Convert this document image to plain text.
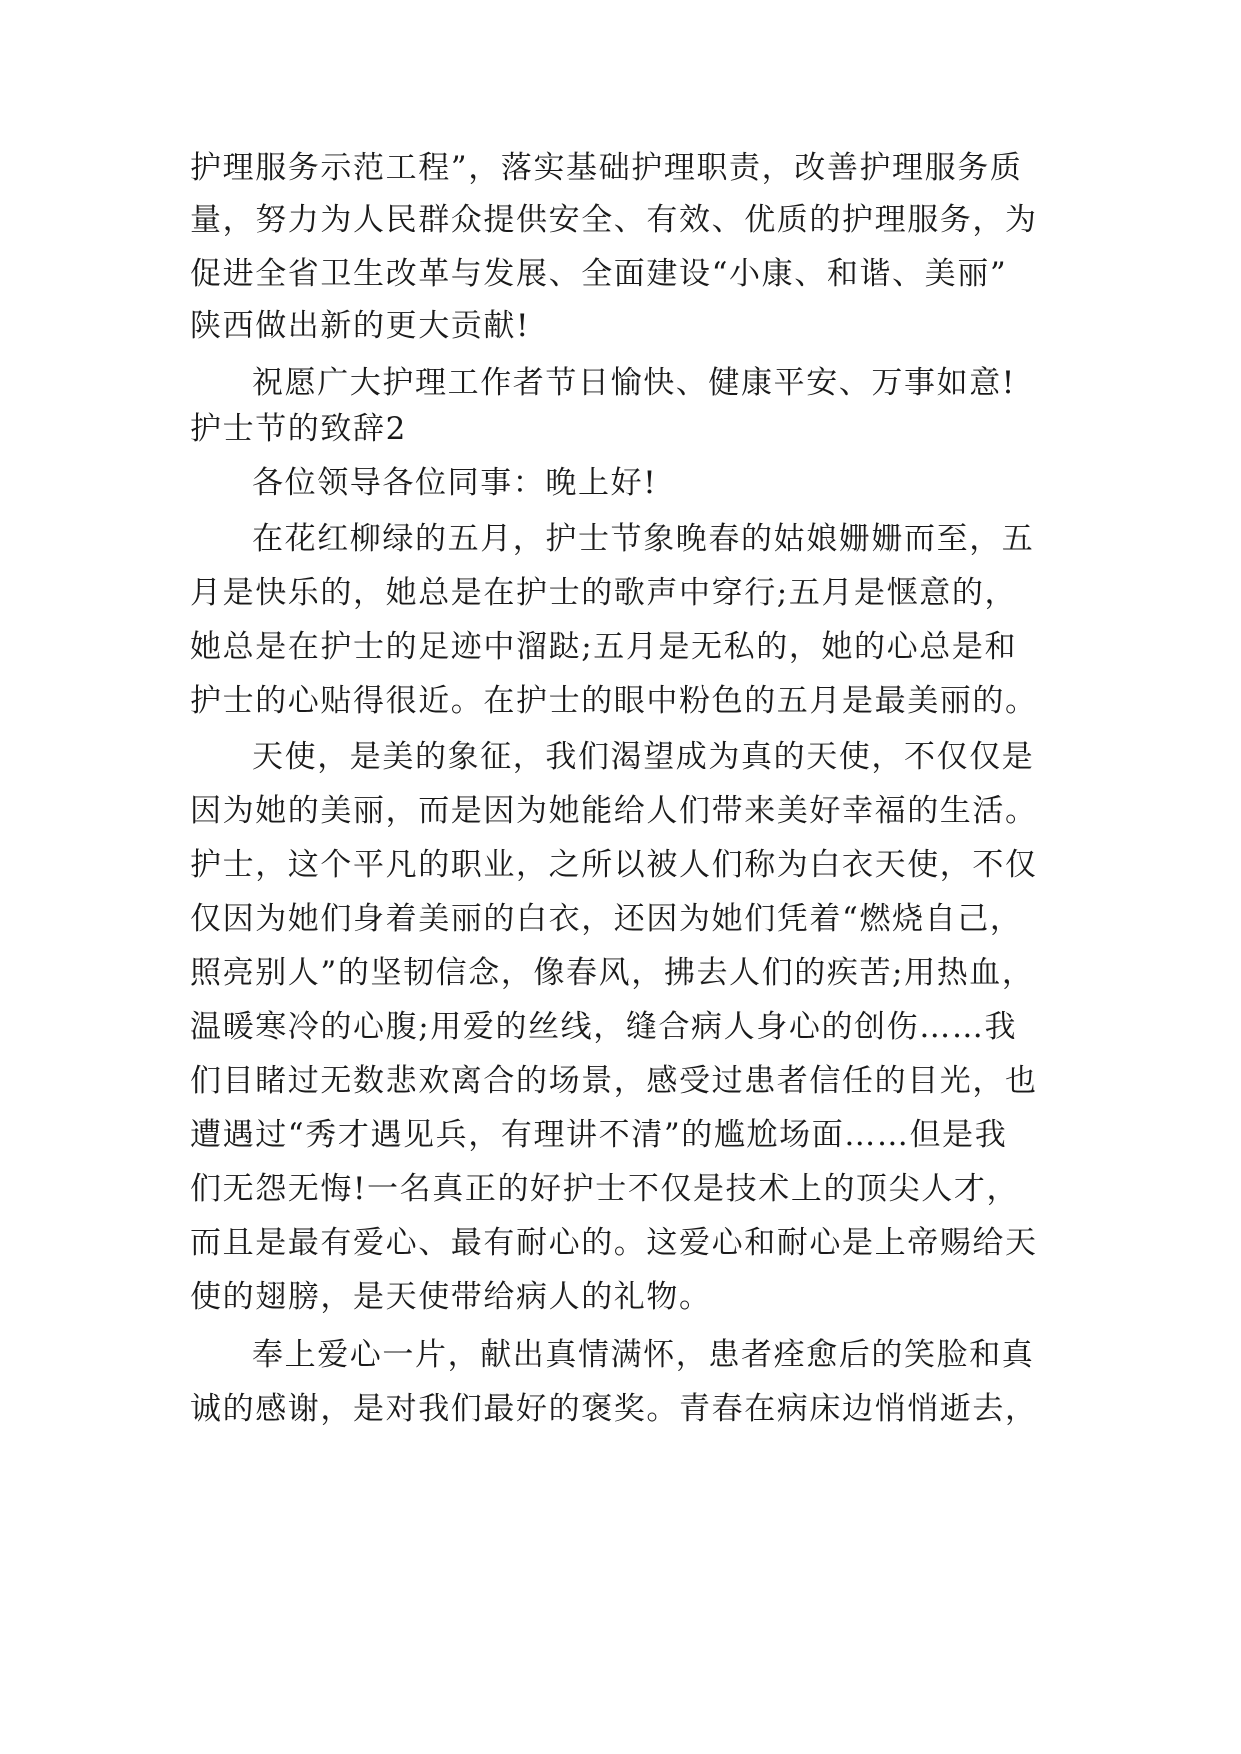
护理服务示范工程”，落实基础护理职责，改善护理服务质
量，努力为人民群众提供安全、有效、优质的护理服务，为
促进全省卫生改革与发展、全面建设“小康、和谐、美丽”
陕西做出新的更大贡献!
祝愿广大护理工作者节日愉快、健康平安、万事如意!
护士节的致辞2
各位领导各位同事：晚上好!
在花红柳绿的五月，护士节象晚春的姑娘姗姗而至，五
月是快乐的，她总是在护士的歌声中穿行;五月是惬意的，
她总是在护士的足迹中溜跶;五月是无私的，她的心总是和
护士的心贴得很近。在护士的眼中粉色的五月是最美丽的。
天使，是美的象征，我们渴望成为真的天使，不仅仅是
因为她的美丽，而是因为她能给人们带来美好幸福的生活。
护士，这个平凡的职业，之所以被人们称为白衣天使，不仅
仅因为她们身着美丽的白衣，还因为她们凭着“燃烧自己，
照亮别人”的坚韧信念，像春风，拂去人们的疾苦;用热血，
温暖寒冷的心腹;用爱的丝线，缝合病人身心的创伤……我
们目睹过无数悲欢离合的场景，感受过患者信任的目光，也
遭遇过“秀才遇见兵，有理讲不清”的尴尬场面……但是我
们无怨无悔!一名真正的好护士不仅是技术上的顶尖人才，
而且是最有爱心、最有耐心的。这爱心和耐心是上帝赐给天
使的翅膀，是天使带给病人的礼物。
奉上爱心一片，献出真情满怀，患者痊愈后的笑脸和真
诚的感谢，是对我们最好的褒奖。青春在病床边悄悄逝去，
